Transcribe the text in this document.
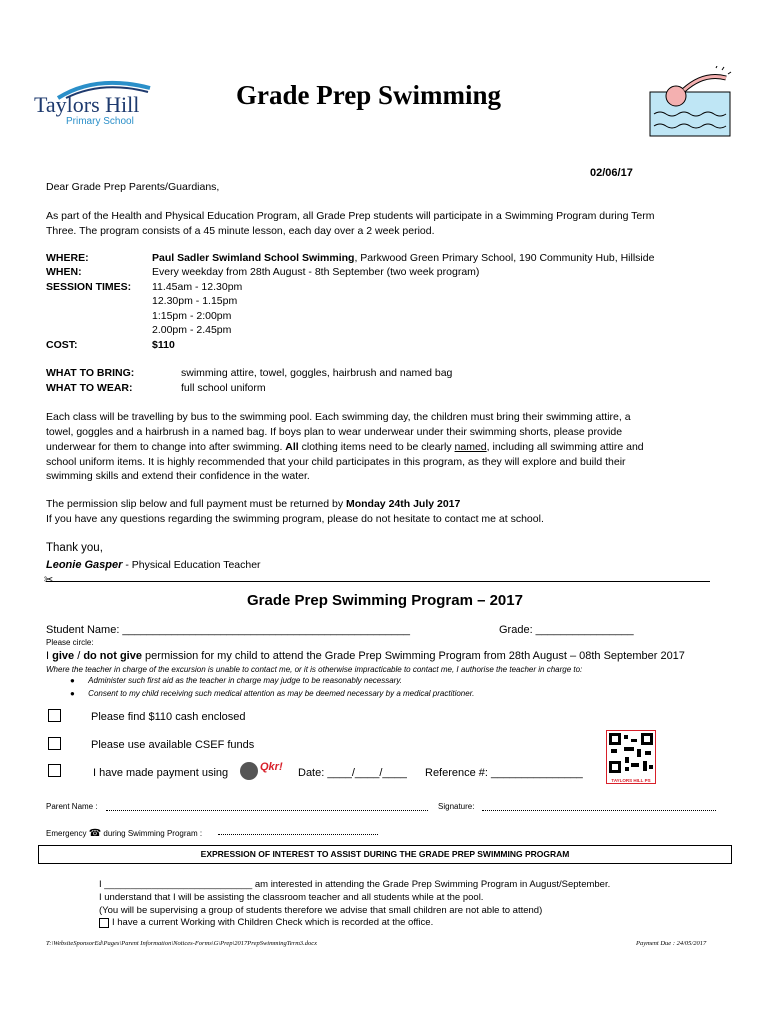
Taylors Hill
Primary School
Grade Prep Swimming
02/06/17
Dear Grade Prep Parents/Guardians,
As part of the Health and Physical Education Program, all Grade Prep students will participate in a Swimming Program during Term
Three. The program consists of a 45 minute lesson, each day over a 2 week period.
WHERE:	Paul Sadler Swimland School Swimming, Parkwood Green Primary School, 190 Community Hub, Hillside
WHEN:	Every weekday from 28th August - 8th September (two week program)
SESSION TIMES: 11.45am - 12.30pm
12.30pm - 1.15pm
1:15pm - 2:00pm
2.00pm - 2.45pm
COST:	$110
WHAT TO BRING:	swimming attire, towel, goggles, hairbrush and named bag
WHAT TO WEAR:	full school uniform
Each class will be travelling by bus to the swimming pool. Each swimming day, the children must bring their swimming attire, a
towel, goggles and a hairbrush in a named bag. If boys plan to wear underwear under their swimming shorts, please provide
underwear for them to change into after swimming. All clothing items need to be clearly named, including all swimming attire and
school uniform items. It is highly recommended that your child participates in this program, as they will explore and build their
swimming skills and extend their confidence in the water.
The permission slip below and full payment must be returned by Monday 24th July 2017
If you have any questions regarding the swimming program, please do not hesitate to contact me at school.
Thank you,
Leonie Gasper - Physical Education Teacher
✂
Grade Prep Swimming Program – 2017
Student Name: _______________________________________________	Grade: ________________
Please circle:
I give / do not give permission for my child to attend the Grade Prep Swimming Program from 28th August – 08th September 2017
Where the teacher in charge of the excursion is unable to contact me, or it is otherwise impracticable to contact me, I authorise the teacher in charge to:
●      Administer such first aid as the teacher in charge may judge to be reasonably necessary.
●      Consent to my child receiving such medical attention as may be deemed necessary by a medical practitioner.
Please find $110 cash enclosed
Please use available CSEF funds
I have made payment using	Qkr! Date: ____/____/____ Reference #: _______________
TAYLORS HILL PS
Parent Name :	Signature:
Emergency ☎ during Swimming Program :
EXPRESSION OF INTEREST TO ASSIST DURING THE GRADE PREP SWIMMING PROGRAM
I ____________________________ am interested in attending the Grade Prep Swimming Program in August/September.
I understand that I will be assisting the classroom teacher and all students while at the pool.
(You will be supervising a group of students therefore we advise that small children are not able to attend)
I have a current Working with Children Check which is recorded at the office.
T:\WebsiteSponsorEd\Pages\Parent Information\Notices-Forms\G\Prep\2017PrepSwimmingTerm3.docx	Payment Due : 24/05/2017
